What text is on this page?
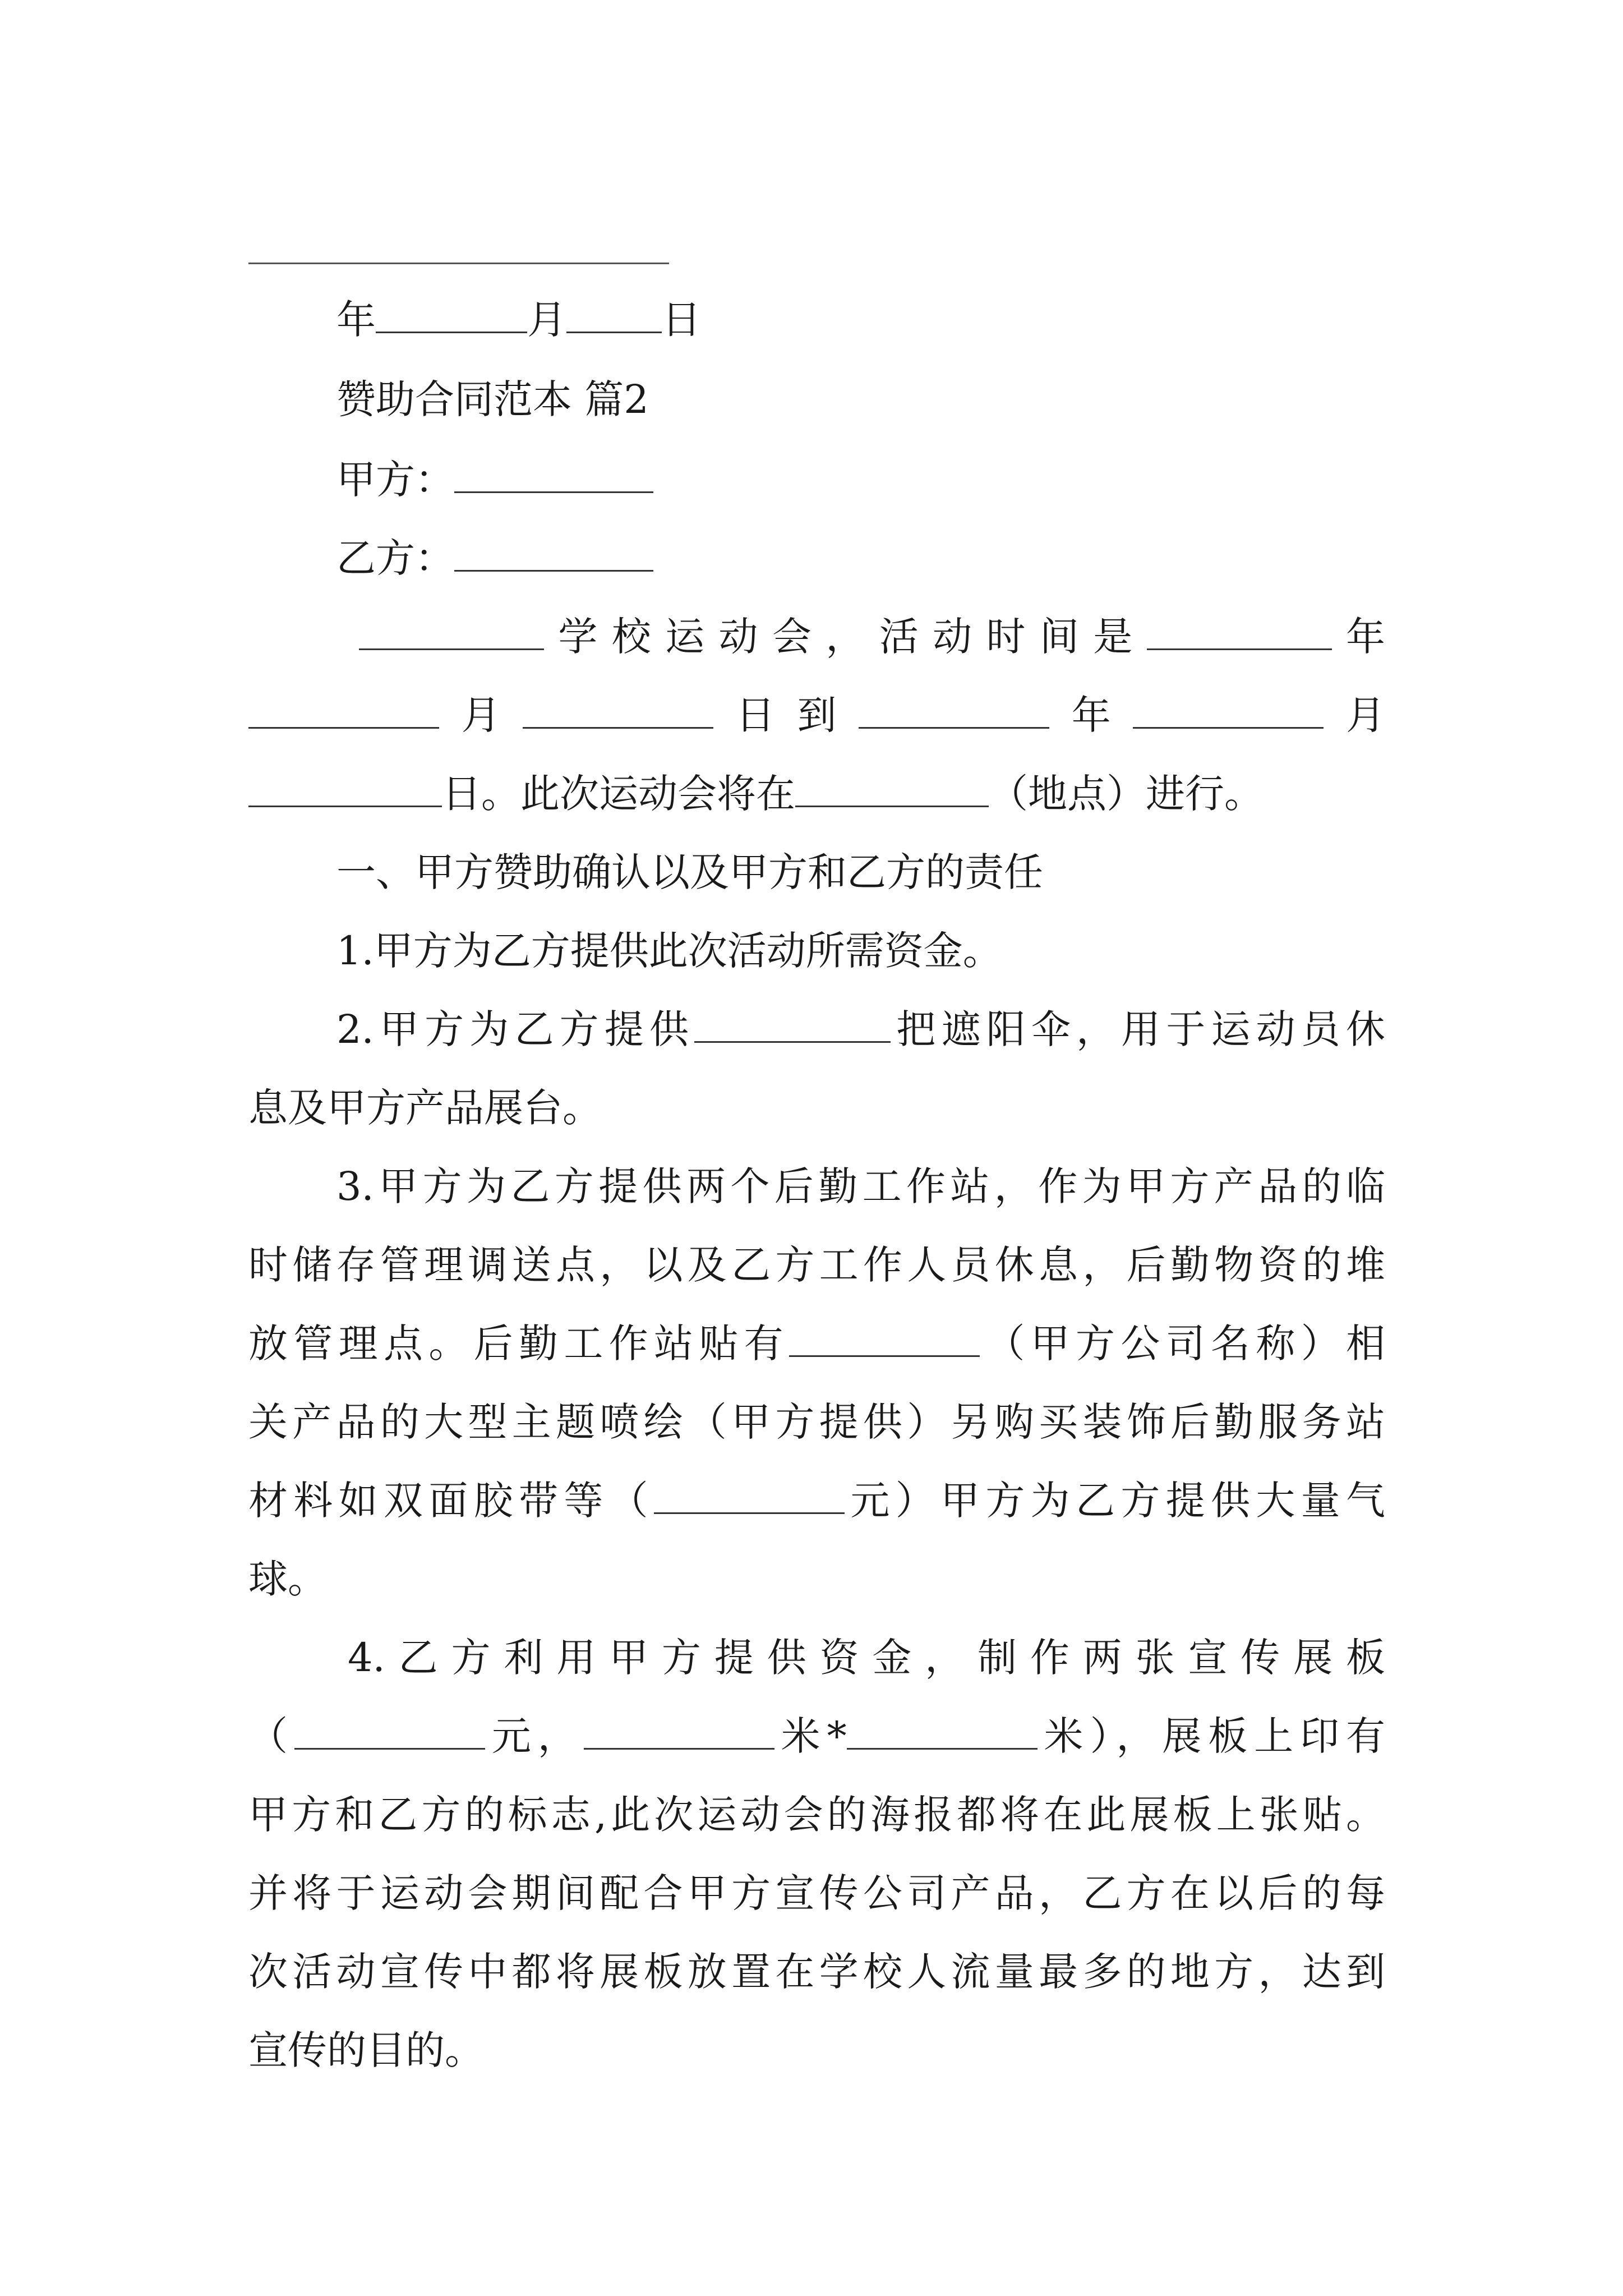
年	月 日
赞助合同范本 篇2
甲方：
乙方：
学校运动会，活动时间是	年
月	日到	年	月
日。此次运动会将在	（地点）进行。
一、甲方赞助确认以及甲方和乙方的责任
1.甲方为乙方提供此次活动所需资金。
2.甲方为乙方提供	把遮阳伞，用于运动员休
息及甲方产品展台。
3.甲方为乙方提供两个后勤工作站，作为甲方产品的临
时储存管理调送点，以及乙方工作人员休息，后勤物资的堆
放管理点。后勤工作站贴有	（甲方公司名称）相
关产品的大型主题喷绘（甲方提供）另购买装饰后勤服务站
材料如双面胶带等（	元）甲方为乙方提供大量气
球。
4.乙方利用甲方提供资金，制作两张宣传展板
（	元，	米*	米），展板上印有
甲方和乙方的标志,此次运动会的海报都将在此展板上张贴。
并将于运动会期间配合甲方宣传公司产品，乙方在以后的每
次活动宣传中都将展板放置在学校人流量最多的地方，达到
宣传的目的。
